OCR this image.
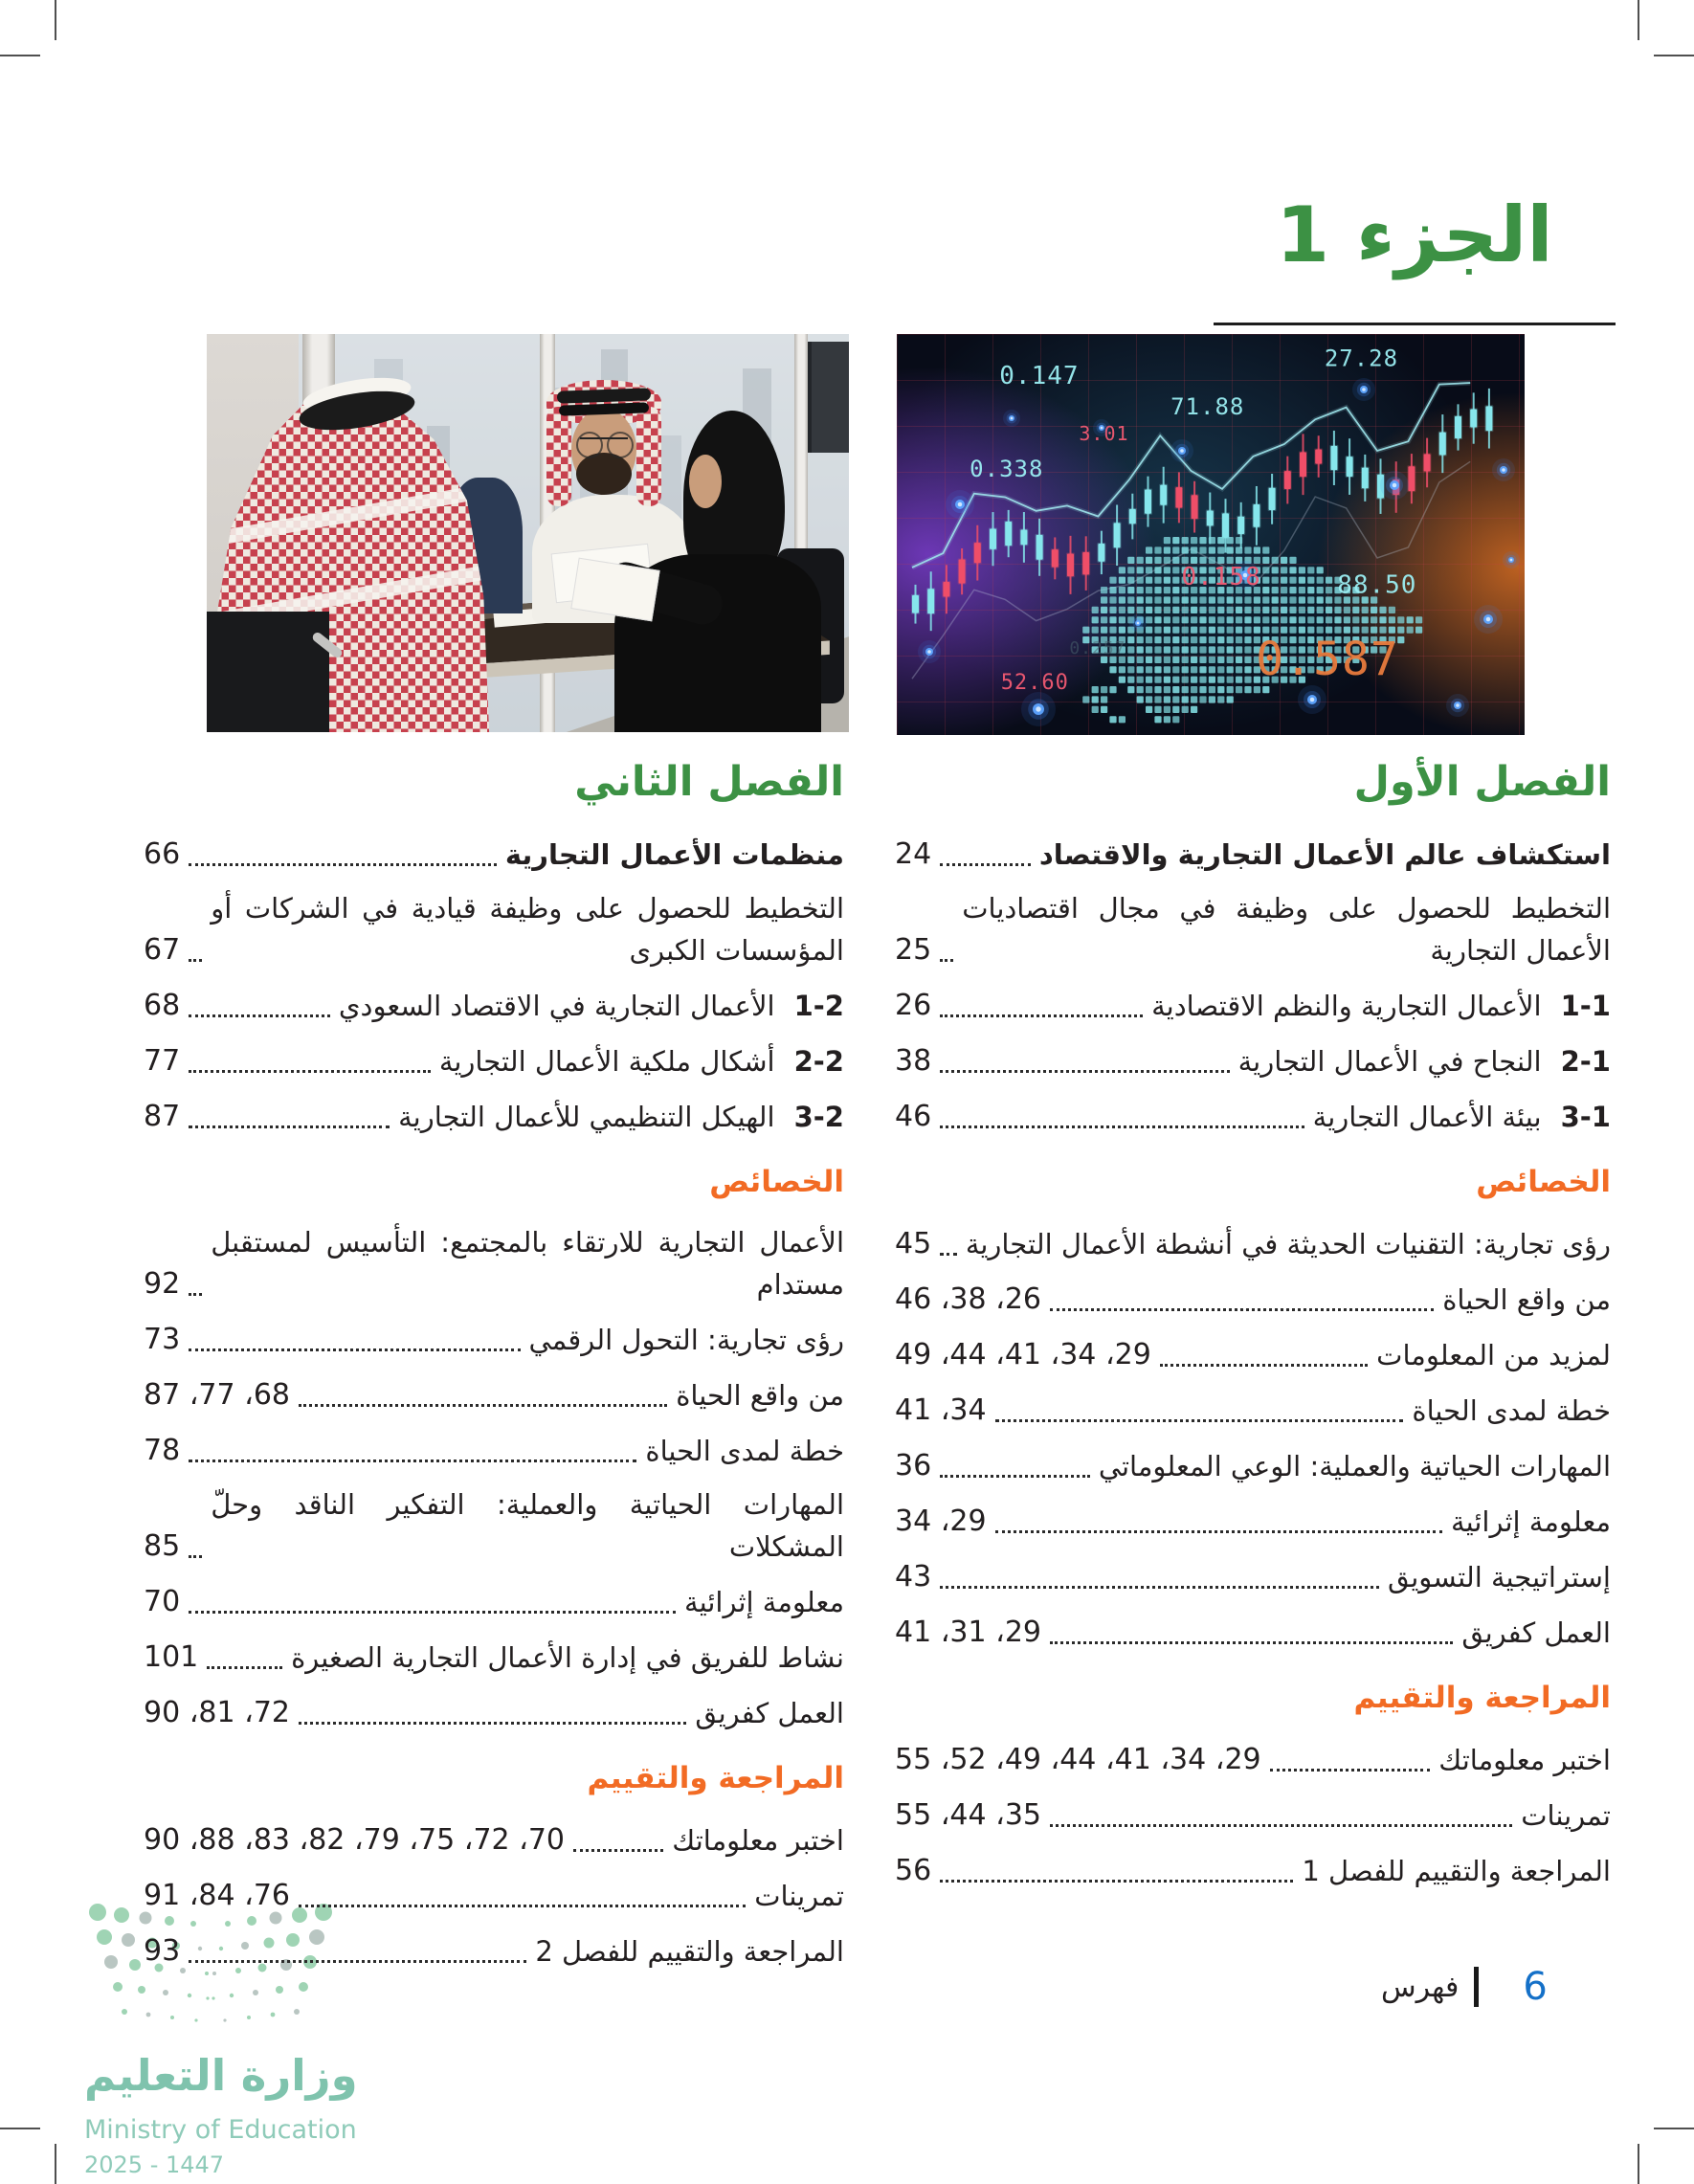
الجزء 1
0.147
27.28
71.88
3.01
0.338
0.158	88.50
0.257	0.587
52.60
الفصل الأول
استكشاف عالم الأعمال التجارية والاقتصاد
24
التخطيط للحصول على وظيفة في مجال اقتصاديات الأعمال التجارية
25
1-1الأعمال التجارية والنظم الاقتصادية
26
2-1النجاح في الأعمال التجارية
38
3-1بيئة الأعمال التجارية
46
الخصائص
رؤى تجارية: التقنيات الحديثة في أنشطة الأعمال التجارية
45
من واقع الحياة
26، 38، 46
لمزيد من المعلومات
29، 34، 41، 44، 49
خطة لمدى الحياة
34، 41
المهارات الحياتية والعملية: الوعي المعلوماتي
36
معلومة إثرائية
29، 34
إستراتيجية التسويق
43
العمل كفريق
29، 31، 41
المراجعة والتقييم
اختبر معلوماتك
29، 34، 41، 44، 49، 52، 55
تمرينات
35، 44، 55
المراجعة والتقييم للفصل 1
56
الفصل الثاني
منظمات الأعمال التجارية
66
التخطيط للحصول على وظيفة قيادية في الشركات أو المؤسسات الكبرى
67
1-2الأعمال التجارية في الاقتصاد السعودي
68
2-2أشكال ملكية الأعمال التجارية
77
3-2الهيكل التنظيمي للأعمال التجارية
87
الخصائص
الأعمال التجارية للارتقاء بالمجتمع: التأسيس لمستقبل مستدام
92
رؤى تجارية: التحول الرقمي
73
من واقع الحياة
68، 77، 87
خطة لمدى الحياة
78
المهارات الحياتية والعملية: التفكير الناقد وحلّ المشكلات
85
معلومة إثرائية
70
نشاط للفريق في إدارة الأعمال التجارية الصغيرة
101
العمل كفريق
72، 81، 90
المراجعة والتقييم
اختبر معلوماتك
70، 72، 75، 79، 82، 83، 88، 90
تمرينات
76، 84، 91
المراجعة والتقييم للفصل 2
93
وزارة التعليم
Ministry of Education
2025 - 1447
فهرس 6
